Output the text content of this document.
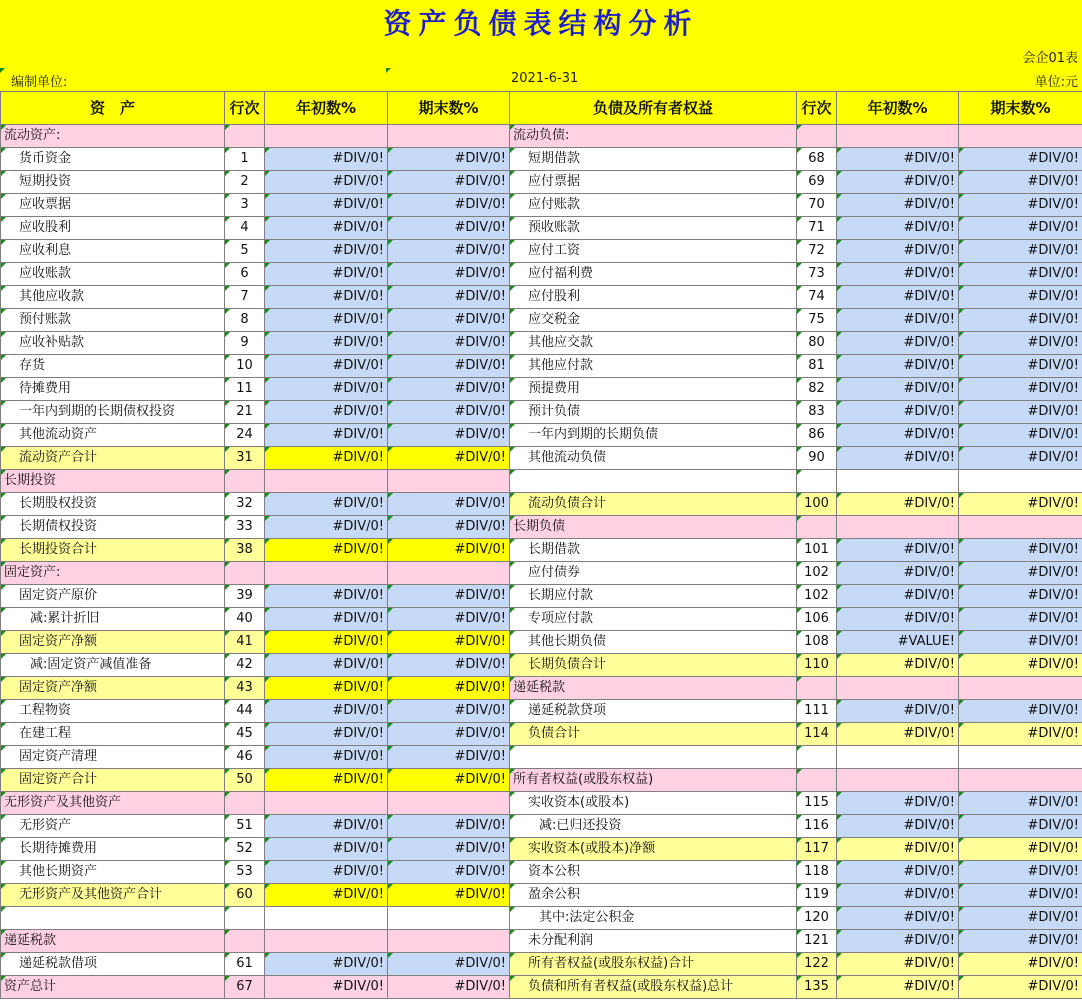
资产负债表结构分析
会企01表
编制单位:	2021-6-31	单位:元
资　产	行次	年初数%	期末数%	负债及所有者权益	行次	年初数%	期末数%
流动资产:				流动负债:			
货币资金	1	#DIV/0!	#DIV/0!	短期借款	68	#DIV/0!	#DIV/0!
短期投资	2	#DIV/0!	#DIV/0!	应付票据	69	#DIV/0!	#DIV/0!
应收票据	3	#DIV/0!	#DIV/0!	应付账款	70	#DIV/0!	#DIV/0!
应收股利	4	#DIV/0!	#DIV/0!	预收账款	71	#DIV/0!	#DIV/0!
应收利息	5	#DIV/0!	#DIV/0!	应付工资	72	#DIV/0!	#DIV/0!
应收账款	6	#DIV/0!	#DIV/0!	应付福利费	73	#DIV/0!	#DIV/0!
其他应收款	7	#DIV/0!	#DIV/0!	应付股利	74	#DIV/0!	#DIV/0!
预付账款	8	#DIV/0!	#DIV/0!	应交税金	75	#DIV/0!	#DIV/0!
应收补贴款	9	#DIV/0!	#DIV/0!	其他应交款	80	#DIV/0!	#DIV/0!
存货	10	#DIV/0!	#DIV/0!	其他应付款	81	#DIV/0!	#DIV/0!
待摊费用	11	#DIV/0!	#DIV/0!	预提费用	82	#DIV/0!	#DIV/0!
一年内到期的长期债权投资	21	#DIV/0!	#DIV/0!	预计负债	83	#DIV/0!	#DIV/0!
其他流动资产	24	#DIV/0!	#DIV/0!	一年内到期的长期负债	86	#DIV/0!	#DIV/0!
流动资产合计	31	#DIV/0!	#DIV/0!	其他流动负债	90	#DIV/0!	#DIV/0!
长期投资							
长期股权投资	32	#DIV/0!	#DIV/0!	流动负债合计	100	#DIV/0!	#DIV/0!
长期债权投资	33	#DIV/0!	#DIV/0!	长期负债			
长期投资合计	38	#DIV/0!	#DIV/0!	长期借款	101	#DIV/0!	#DIV/0!
固定资产:				应付债券	102	#DIV/0!	#DIV/0!
固定资产原价	39	#DIV/0!	#DIV/0!	长期应付款	102	#DIV/0!	#DIV/0!
减:累计折旧	40	#DIV/0!	#DIV/0!	专项应付款	106	#DIV/0!	#DIV/0!
固定资产净额	41	#DIV/0!	#DIV/0!	其他长期负债	108	#VALUE!	#DIV/0!
减:固定资产减值准备	42	#DIV/0!	#DIV/0!	长期负债合计	110	#DIV/0!	#DIV/0!
固定资产净额	43	#DIV/0!	#DIV/0!	递延税款			
工程物资	44	#DIV/0!	#DIV/0!	递延税款贷项	111	#DIV/0!	#DIV/0!
在建工程	45	#DIV/0!	#DIV/0!	负债合计	114	#DIV/0!	#DIV/0!
固定资产清理	46	#DIV/0!	#DIV/0!				
固定资产合计	50	#DIV/0!	#DIV/0!	所有者权益(或股东权益)			
无形资产及其他资产				实收资本(或股本)	115	#DIV/0!	#DIV/0!
无形资产	51	#DIV/0!	#DIV/0!	减:已归还投资	116	#DIV/0!	#DIV/0!
长期待摊费用	52	#DIV/0!	#DIV/0!	实收资本(或股本)净额	117	#DIV/0!	#DIV/0!
其他长期资产	53	#DIV/0!	#DIV/0!	资本公积	118	#DIV/0!	#DIV/0!
无形资产及其他资产合计	60	#DIV/0!	#DIV/0!	盈余公积	119	#DIV/0!	#DIV/0!
				其中:法定公积金	120	#DIV/0!	#DIV/0!
递延税款				未分配利润	121	#DIV/0!	#DIV/0!
递延税款借项	61	#DIV/0!	#DIV/0!	所有者权益(或股东权益)合计	122	#DIV/0!	#DIV/0!
资产总计	67	#DIV/0!	#DIV/0!	负债和所有者权益(或股东权益)总计	135	#DIV/0!	#DIV/0!
